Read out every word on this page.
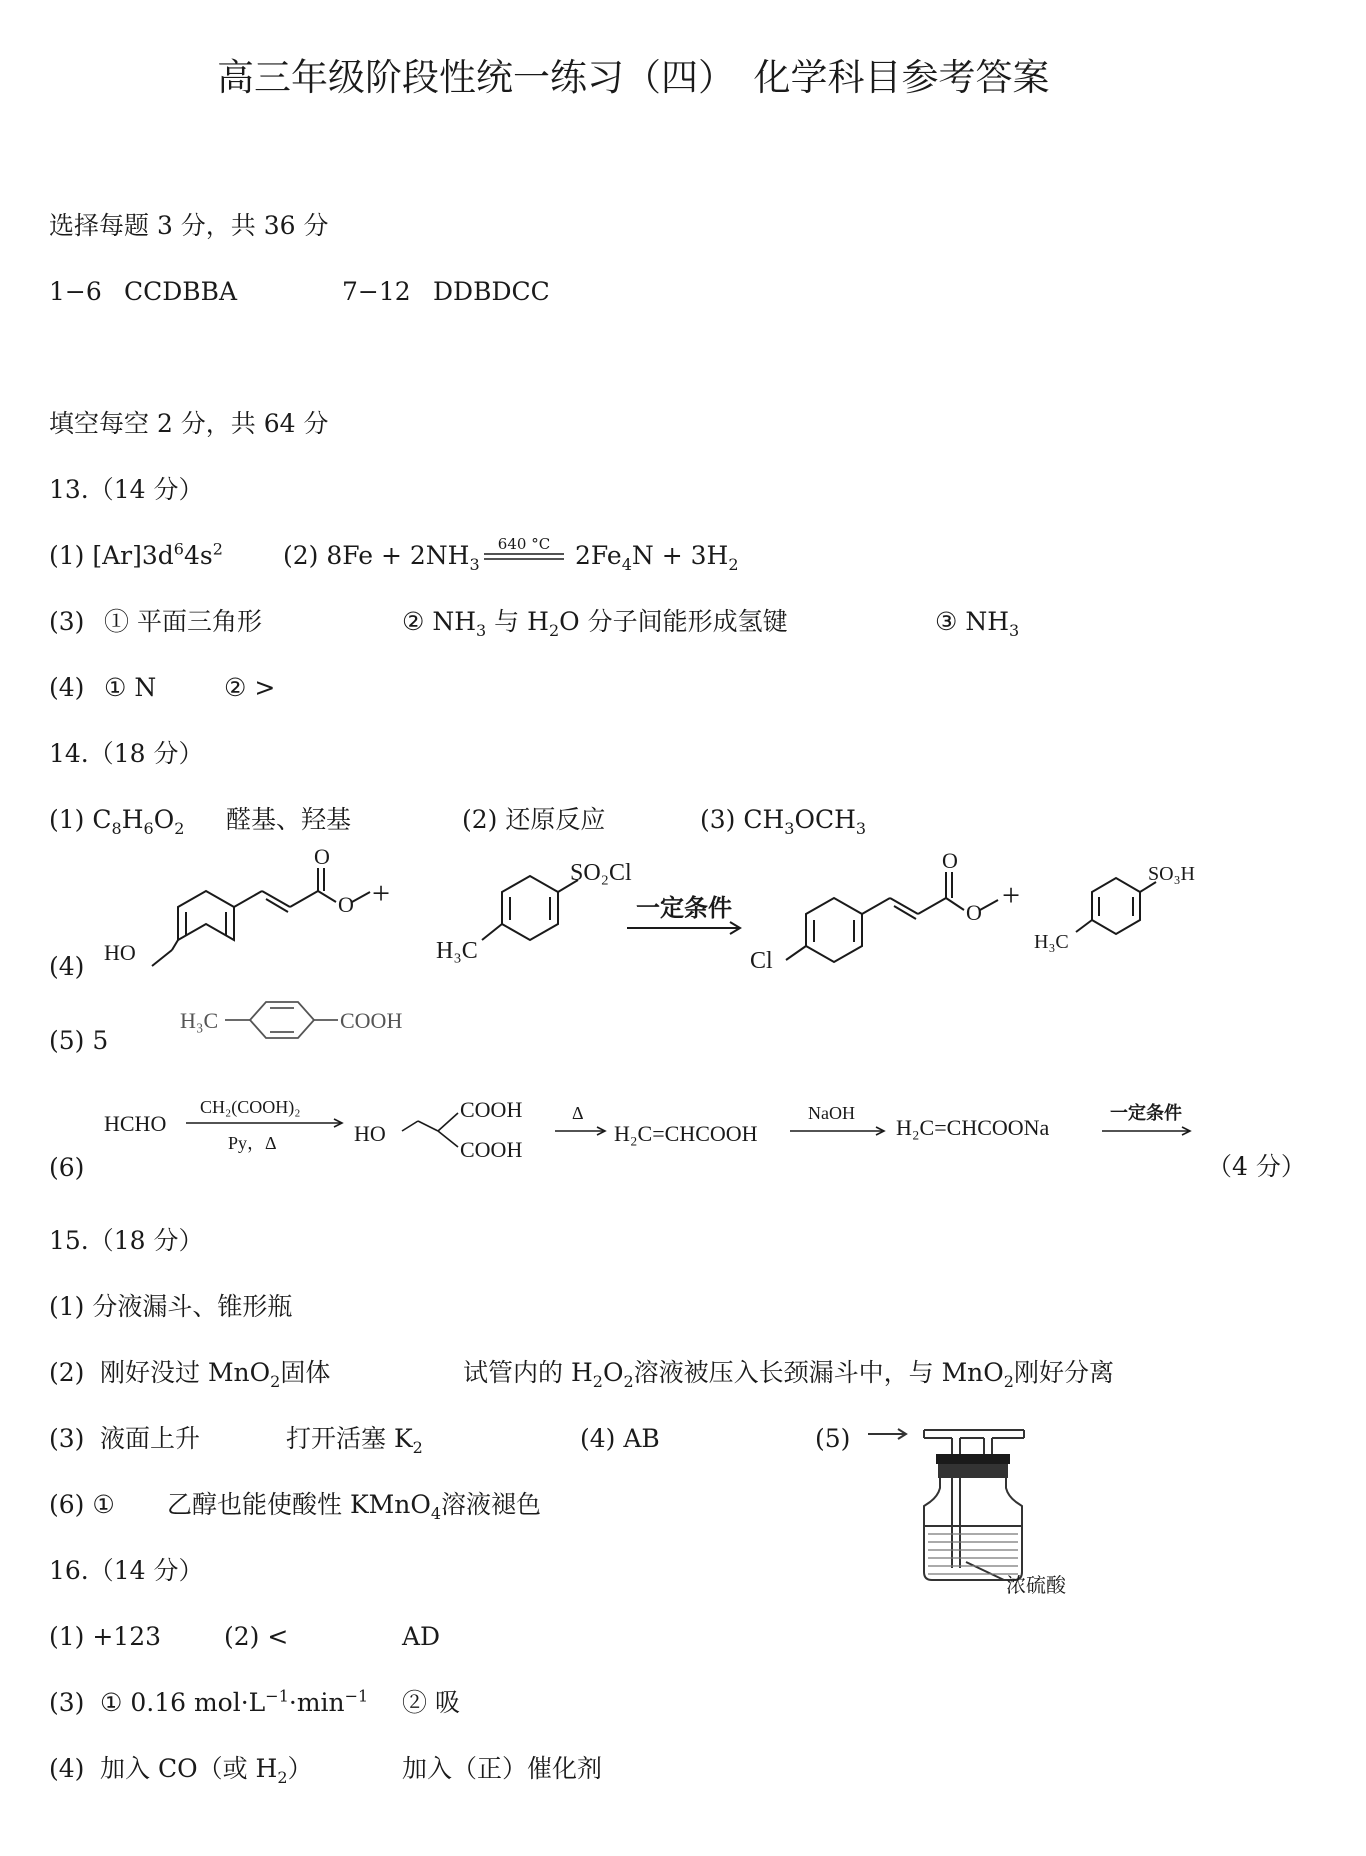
高三年级阶段性统一练习（四）　化学科目参考答案
选择每题 3 分，共 36 分
1−6 CCDBBA	7−12 DDBDCC
填空每空 2 分，共 64 分
13.（14 分）
(1) $[Ar]3d^64s^2$ (2) $8Fe + 2NH_3$
640 °C $2Fe_4N + 3H_2$
(3) ① 平面三角形	② $NH_3$ 与 $H_2O$ 分子间能形成氢键	③ $NH_3$
(4) ① N	② >
14.（18 分）
(1) $C_8H_6O_2$ 醛基、羟基	(2) 还原反应	(3) $CH_3OCH_3$
(4) HO
O
O +
SO₂Cl
H₃C
一定条件
Cl
O
O +
SO₃H
H₃C
(5) 5
H₃C	COOH
(6)
HCHO
CH₂(COOH)₂
Py，Δ	HO
COOH
COOH
Δ
H₂C=CHCOOH
NaOH
H₂C=CHCOONa
一定条件
（4 分）
15.（18 分）
(1) 分液漏斗、锥形瓶
(2) 刚好没过 MnO$_2$固体	试管内的 $H_2O_2$溶液被压入长颈漏斗中，与 MnO$_2$刚好分离
(3) 液面上升	打开活塞 $K_2$	(4) AB	(5)
浓硫酸
(6) ① 乙醇也能使酸性 KMnO$_4$溶液褪色
16.（14 分）
(1) +123	(2) <	AD
(3) ① 0.16 $mol\cdot L^{-1}\cdot\min^{-1}$ ② 吸
(4) 加入 CO（或 $H_2$）	加入（正）催化剂
